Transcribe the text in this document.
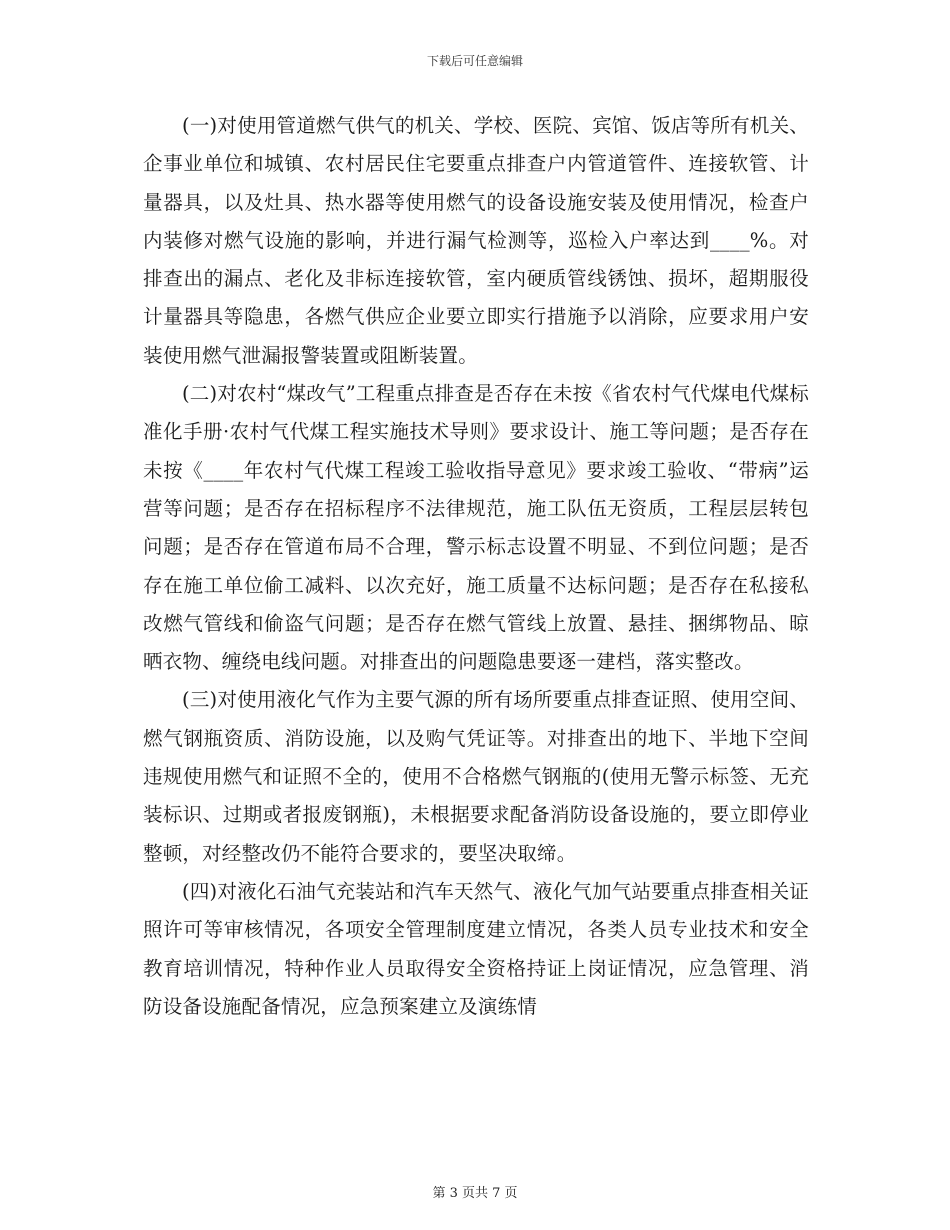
下载后可任意编辑

(一)对使用管道燃气供气的机关、学校、医院、宾馆、饭店等所有机关、企事业单位和城镇、农村居民住宅要重点排查户内管道管件、连接软管、计量器具，以及灶具、热水器等使用燃气的设备设施安装及使用情况，检查户内装修对燃气设施的影响，并进行漏气检测等，巡检入户率达到____%。对排查出的漏点、老化及非标连接软管，室内硬质管线锈蚀、损坏，超期服役计量器具等隐患，各燃气供应企业要立即实行措施予以消除，应要求用户安装使用燃气泄漏报警装置或阻断装置。

(二)对农村“煤改气”工程重点排查是否存在未按《省农村气代煤电代煤标准化手册·农村气代煤工程实施技术导则》要求设计、施工等问题；是否存在未按《____年农村气代煤工程竣工验收指导意见》要求竣工验收、“带病”运营等问题；是否存在招标程序不法律规范，施工队伍无资质，工程层层转包问题；是否存在管道布局不合理，警示标志设置不明显、不到位问题；是否存在施工单位偷工减料、以次充好，施工质量不达标问题；是否存在私接私改燃气管线和偷盗气问题；是否存在燃气管线上放置、悬挂、捆绑物品、晾晒衣物、缠绕电线问题。对排查出的问题隐患要逐一建档，落实整改。

(三)对使用液化气作为主要气源的所有场所要重点排查证照、使用空间、燃气钢瓶资质、消防设施，以及购气凭证等。对排查出的地下、半地下空间违规使用燃气和证照不全的，使用不合格燃气钢瓶的(使用无警示标签、无充装标识、过期或者报废钢瓶)，未根据要求配备消防设备设施的，要立即停业整顿，对经整改仍不能符合要求的，要坚决取缔。

(四)对液化石油气充装站和汽车天然气、液化气加气站要重点排查相关证照许可等审核情况，各项安全管理制度建立情况，各类人员专业技术和安全教育培训情况，特种作业人员取得安全资格持证上岗证情况，应急管理、消防设备设施配备情况，应急预案建立及演练情

第 3 页共 7 页
